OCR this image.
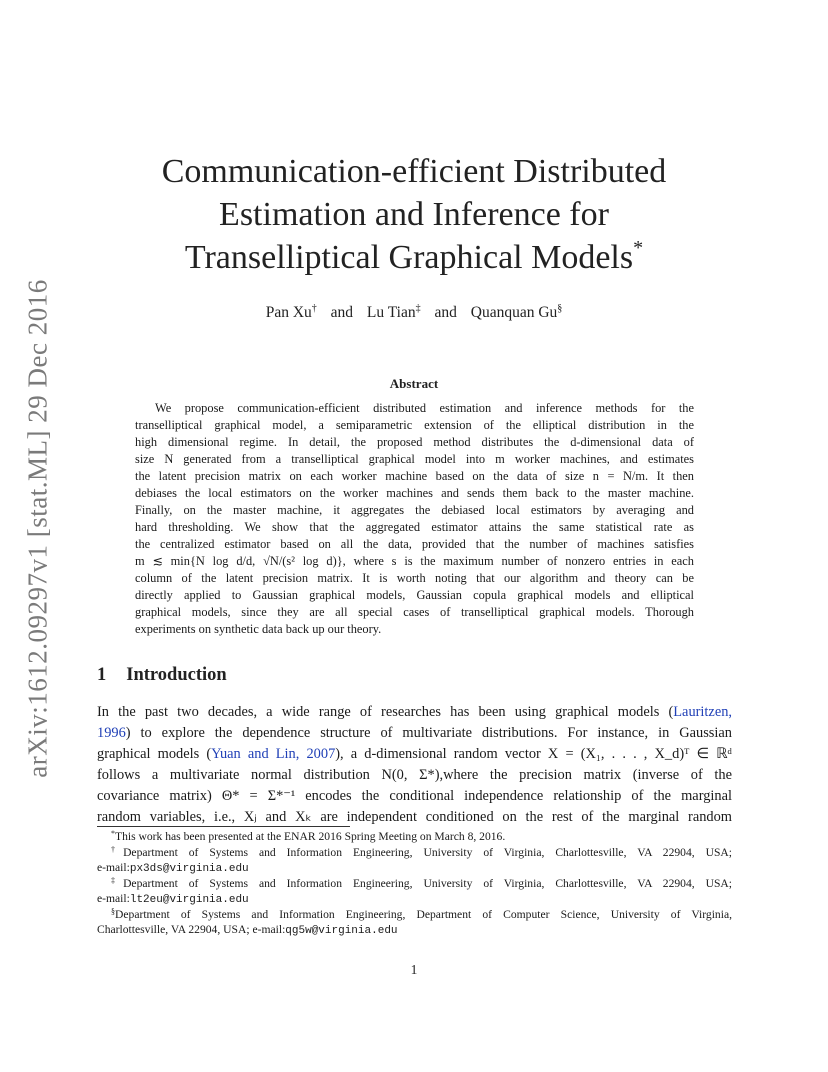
arXiv:1612.09297v1 [stat.ML] 29 Dec 2016
Communication-efficient Distributed
Estimation and Inference for
Transelliptical Graphical Models*
Pan Xu† and Lu Tian‡ and Quanquan Gu§
Abstract
We propose communication-efficient distributed estimation and inference methods for the
transelliptical graphical model, a semiparametric extension of the elliptical distribution in the
high dimensional regime. In detail, the proposed method distributes the d-dimensional data of
size N generated from a transelliptical graphical model into m worker machines, and estimates
the latent precision matrix on each worker machine based on the data of size n = N/m. It then
debiases the local estimators on the worker machines and sends them back to the master machine.
Finally, on the master machine, it aggregates the debiased local estimators by averaging and
hard thresholding. We show that the aggregated estimator attains the same statistical rate as
the centralized estimator based on all the data, provided that the number of machines satisfies
m ≲ min{N log d/d, √N/(s² log d)}, where s is the maximum number of nonzero entries in each
column of the latent precision matrix. It is worth noting that our algorithm and theory can be
directly applied to Gaussian graphical models, Gaussian copula graphical models and elliptical
graphical models, since they are all special cases of transelliptical graphical models. Thorough
experiments on synthetic data back up our theory.
1 Introduction
In the past two decades, a wide range of researches has been using graphical models (Lauritzen,
1996) to explore the dependence structure of multivariate distributions. For instance, in Gaussian
graphical models (Yuan and Lin, 2007), a d-dimensional random vector X = (X₁, . . . , X_d)ᵀ ∈ ℝᵈ
follows a multivariate normal distribution N(0, Σ*),where the precision matrix (inverse of the
covariance matrix) Θ* = Σ*⁻¹ encodes the conditional independence relationship of the marginal
random variables, i.e., Xⱼ and Xₖ are independent conditioned on the rest of the marginal random
*This work has been presented at the ENAR 2016 Spring Meeting on March 8, 2016.
†Department of Systems and Information Engineering, University of Virginia, Charlottesville, VA 22904, USA;
e-mail:px3ds@virginia.edu
‡Department of Systems and Information Engineering, University of Virginia, Charlottesville, VA 22904, USA;
e-mail:lt2eu@virginia.edu
§Department of Systems and Information Engineering, Department of Computer Science, University of Virginia,
Charlottesville, VA 22904, USA; e-mail:qg5w@virginia.edu
1
